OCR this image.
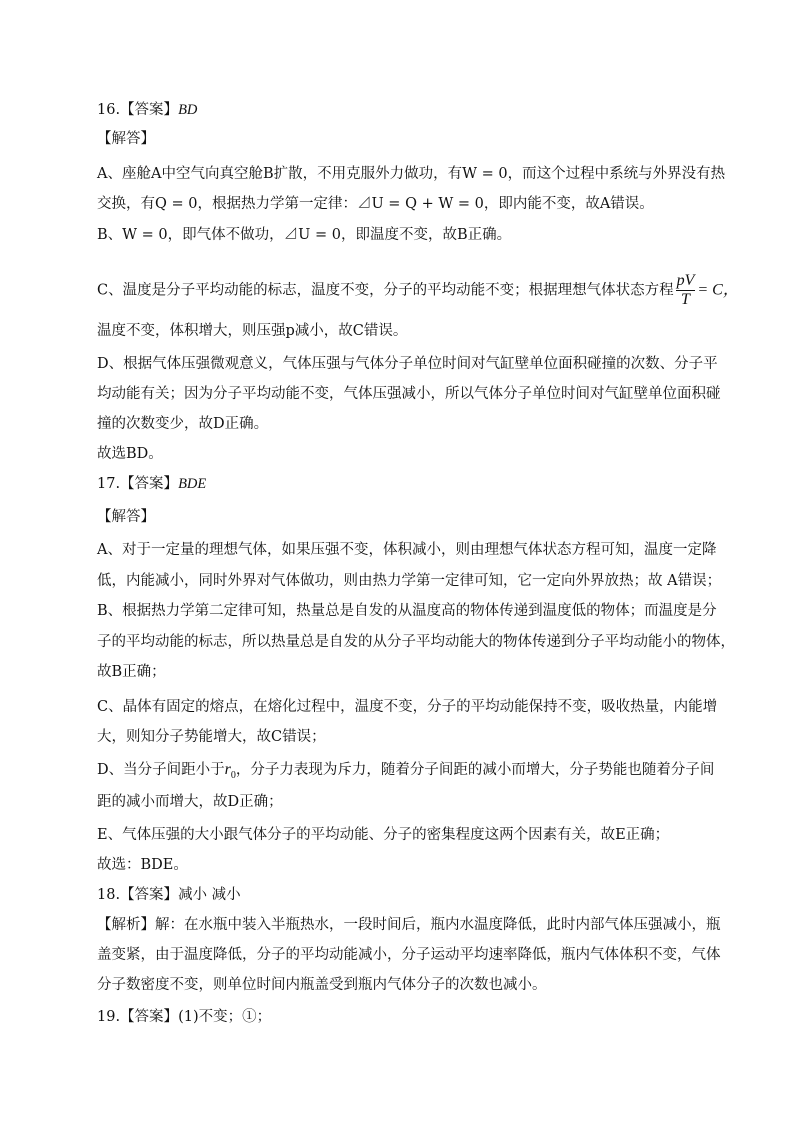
16.【答案】BD
【解答】
A、座舱A中空气向真空舱B扩散，不用克服外力做功，有W = 0，而这个过程中系统与外界没有热
交换，有Q = 0，根据热力学第一定律：⊿U = Q + W = 0，即内能不变，故A错误。
B、W = 0，即气体不做功，⊿U = 0，即温度不变，故B正确。
C、温度是分子平均动能的标志，温度不变，分子的平均动能不变；根据理想气体状态方程 $\frac{pV}{T} = C$，
温度不变，体积增大，则压强p减小，故C错误。
D、根据气体压强微观意义，气体压强与气体分子单位时间对气缸壁单位面积碰撞的次数、分子平
均动能有关；因为分子平均动能不变，气体压强减小，所以气体分子单位时间对气缸壁单位面积碰
撞的次数变少，故D正确。
故选BD。
17.【答案】BDE
【解答】
A、对于一定量的理想气体，如果压强不变，体积减小，则由理想气体状态方程可知，温度一定降
低，内能减小，同时外界对气体做功，则由热力学第一定律可知，它一定向外界放热；故 A错误；
B、根据热力学第二定律可知，热量总是自发的从温度高的物体传递到温度低的物体；而温度是分
子的平均动能的标志，所以热量总是自发的从分子平均动能大的物体传递到分子平均动能小的物体，
故B正确；
C、晶体有固定的熔点，在熔化过程中，温度不变，分子的平均动能保持不变，吸收热量，内能增
大，则知分子势能增大，故C错误；
D、当分子间距小于$r_0$，分子力表现为斥力，随着分子间距的减小而增大，分子势能也随着分子间
距的减小而增大，故D正确；
E、气体压强的大小跟气体分子的平均动能、分子的密集程度这两个因素有关，故E正确；
故选：BDE。
18.【答案】减小 减小
【解析】解：在水瓶中装入半瓶热水，一段时间后，瓶内水温度降低，此时内部气体压强减小，瓶
盖变紧，由于温度降低，分子的平均动能减小，分子运动平均速率降低，瓶内气体体积不变，气体
分子数密度不变，则单位时间内瓶盖受到瓶内气体分子的次数也减小。
19.【答案】(1)不变；①；
